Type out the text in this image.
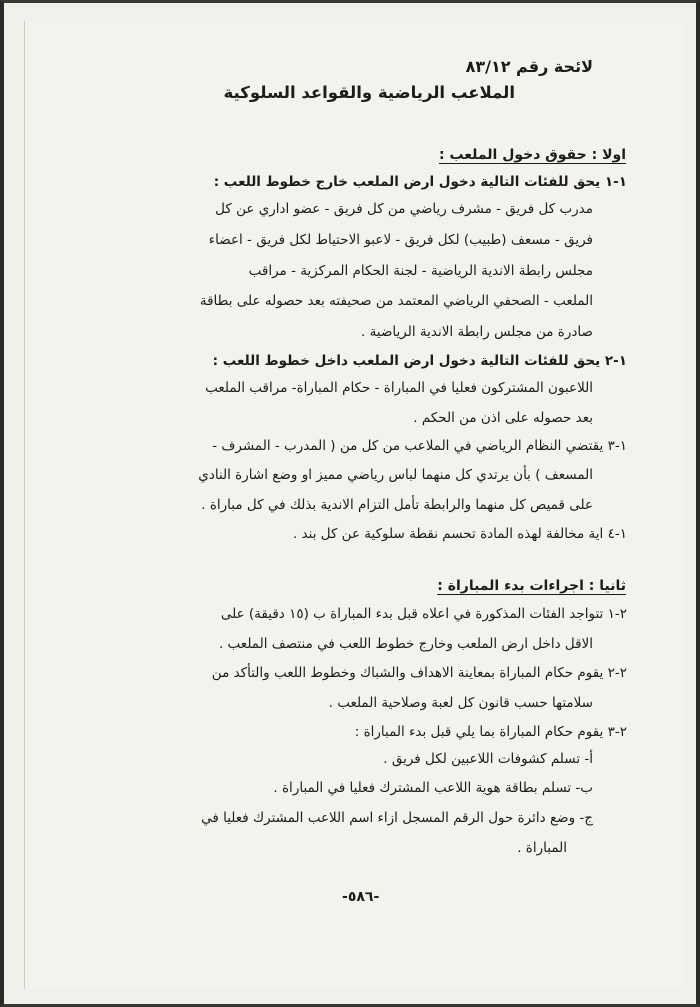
لائحة رقم ٨٣/١٢
الملاعب الرياضية والقواعد السلوكية
اولا : حقوق دخول الملعب :
١-١ يحق للفئات التالية دخول ارض الملعب خارج خطوط اللعب :
مدرب كل فريق - مشرف رياضي من كل فريق - عضو اداري عن كل
فريق - مسعف (طبيب) لكل فريق - لاعبو الاحتياط لكل فريق - اعضاء
مجلس رابطة الاندية الرياضية - لجنة الحكام المركزية - مراقب
الملعب - الصحفي الرياضي المعتمد من صحيفته بعد حصوله على بطاقة
صادرة من مجلس رابطة الاندية الرياضية .
١-٢ يحق للفئات التالية دخول ارض الملعب داخل خطوط اللعب :
اللاعبون المشتركون فعليا في المباراة - حكام المباراة- مراقب الملعب
بعد حصوله على اذن من الحكم .
١-٣ يقتضي النظام الرياضي في الملاعب من كل من ( المدرب - المشرف -
المسعف ) بأن يرتدي كل منهما لباس رياضي مميز او وضع اشارة النادي
على قميص كل منهما والرابطة تأمل التزام الاندية بذلك في كل مباراة .
١-٤ اية مخالفة لهذه المادة تحسم نقطة سلوكية عن كل بند .
ثانيا : اجراءات بدء المباراة :
٢-١ تتواجد الفئات المذكورة في اعلاه قبل بدء المباراة ب (١٥ دقيقة) على
الاقل داخل ارض الملعب وخارج خطوط اللعب في منتصف الملعب .
٢-٢ يقوم حكام المباراة بمعاينة الاهداف والشباك وخطوط اللعب والتأكد من
سلامتها حسب قانون كل لعبة وصلاحية الملعب .
٢-٣ يقوم حكام المباراة بما يلي قبل بدء المباراة :
أ- تسلم كشوفات اللاعبين لكل فريق .
ب- تسلم بطاقة هوية اللاعب المشترك فعليا في المباراة .
ج- وضع دائرة حول الرقم المسجل ازاء اسم اللاعب المشترك فعليا في
المباراة .
-٥٨٦-
